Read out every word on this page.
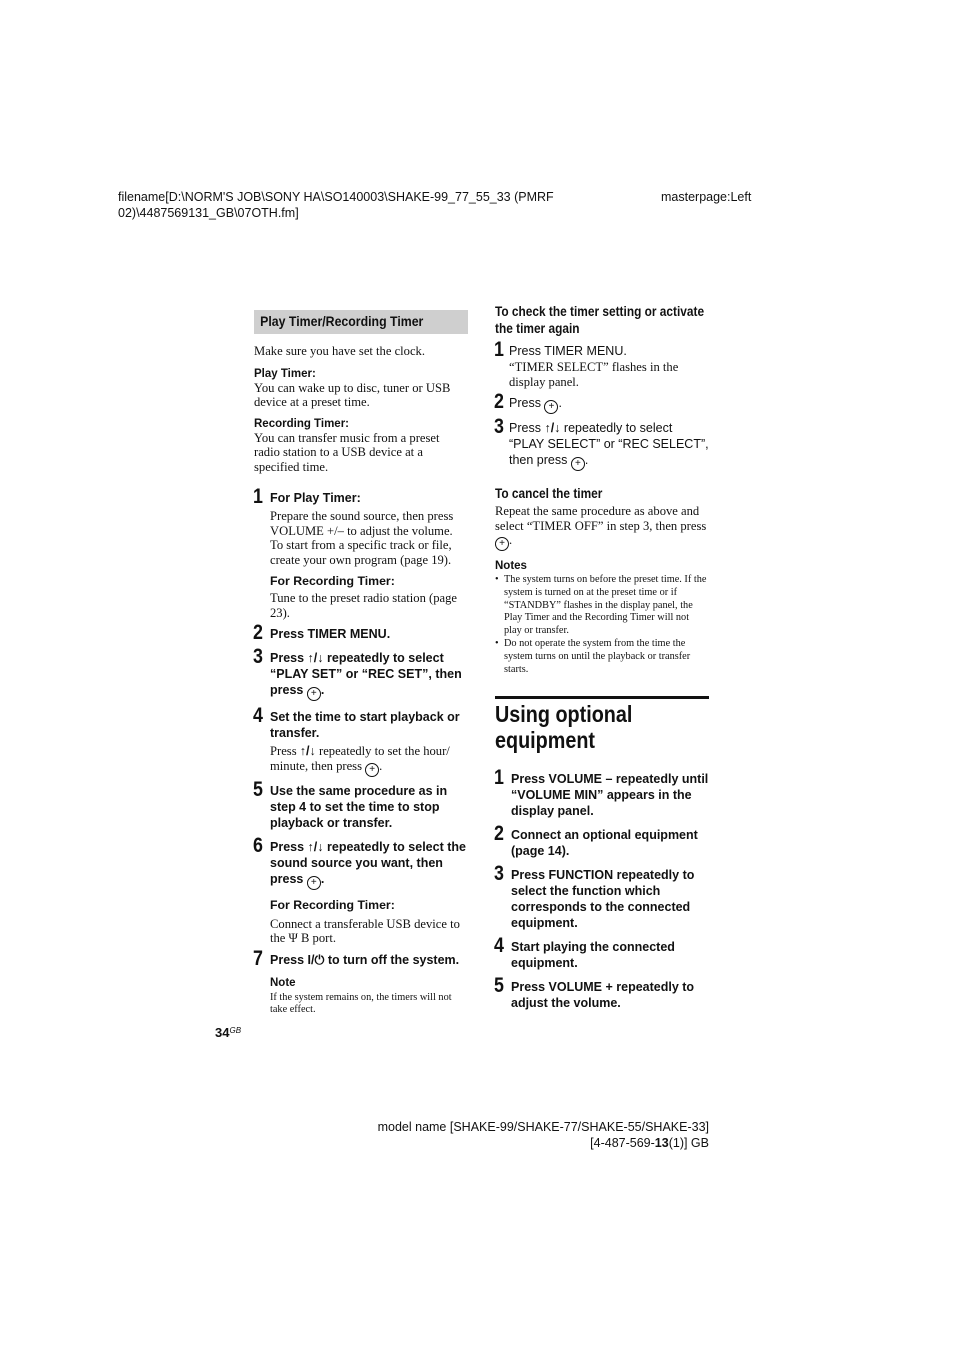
filename[D:\NORM'S JOB\SONY HA\SO140003\SHAKE-99_77_55_33 (PMRF
02)\4487569131_GB\07OTH.fm]
masterpage:Left
Play Timer/Recording Timer
Make sure you have set the clock.
Play Timer:
You can wake up to disc, tuner or USB device at a preset time.
Recording Timer:
You can transfer music from a preset radio station to a USB device at a specified time.
1 For Play Timer:
Prepare the sound source, then press VOLUME +/– to adjust the volume. To start from a specific track or file, create your own program (page 19).
For Recording Timer:
Tune to the preset radio station (page 23).
2 Press TIMER MENU.
3 Press ↑/↓ repeatedly to select “PLAY SET” or “REC SET”, then press + .
4 Set the time to start playback or transfer.
Press ↑/↓ repeatedly to set the hour/ minute, then press + .
5 Use the same procedure as in step 4 to set the time to stop playback or transfer.
6 Press ↑/↓ repeatedly to select the sound source you want, then press + .
For Recording Timer:
Connect a transferable USB device to the Ψ B port.
7 Press I/⏻ to turn off the system.
Note
If the system remains on, the timers will not take effect.
$34^{GB}$
To check the timer setting or activate the timer again
1 Press TIMER MENU.
“TIMER SELECT” flashes in the display panel.
2 Press + .
3 Press ↑/↓ repeatedly to select “PLAY SELECT” or “REC SELECT”, then press + .
To cancel the timer
Repeat the same procedure as above and select “TIMER OFF” in step 3, then press + .
Notes
• The system turns on before the preset time. If the system is turned on at the preset time or if “STANDBY” flashes in the display panel, the Play Timer and the Recording Timer will not play or transfer.
• Do not operate the system from the time the system turns on until the playback or transfer starts.
Using optional
equipment
1 Press VOLUME – repeatedly until “VOLUME MIN” appears in the display panel.
2 Connect an optional equipment (page 14).
3 Press FUNCTION repeatedly to select the function which corresponds to the connected equipment.
4 Start playing the connected equipment.
5 Press VOLUME + repeatedly to adjust the volume.
model name [SHAKE-99/SHAKE-77/SHAKE-55/SHAKE-33]
[4-487-569-13(1)] GB
